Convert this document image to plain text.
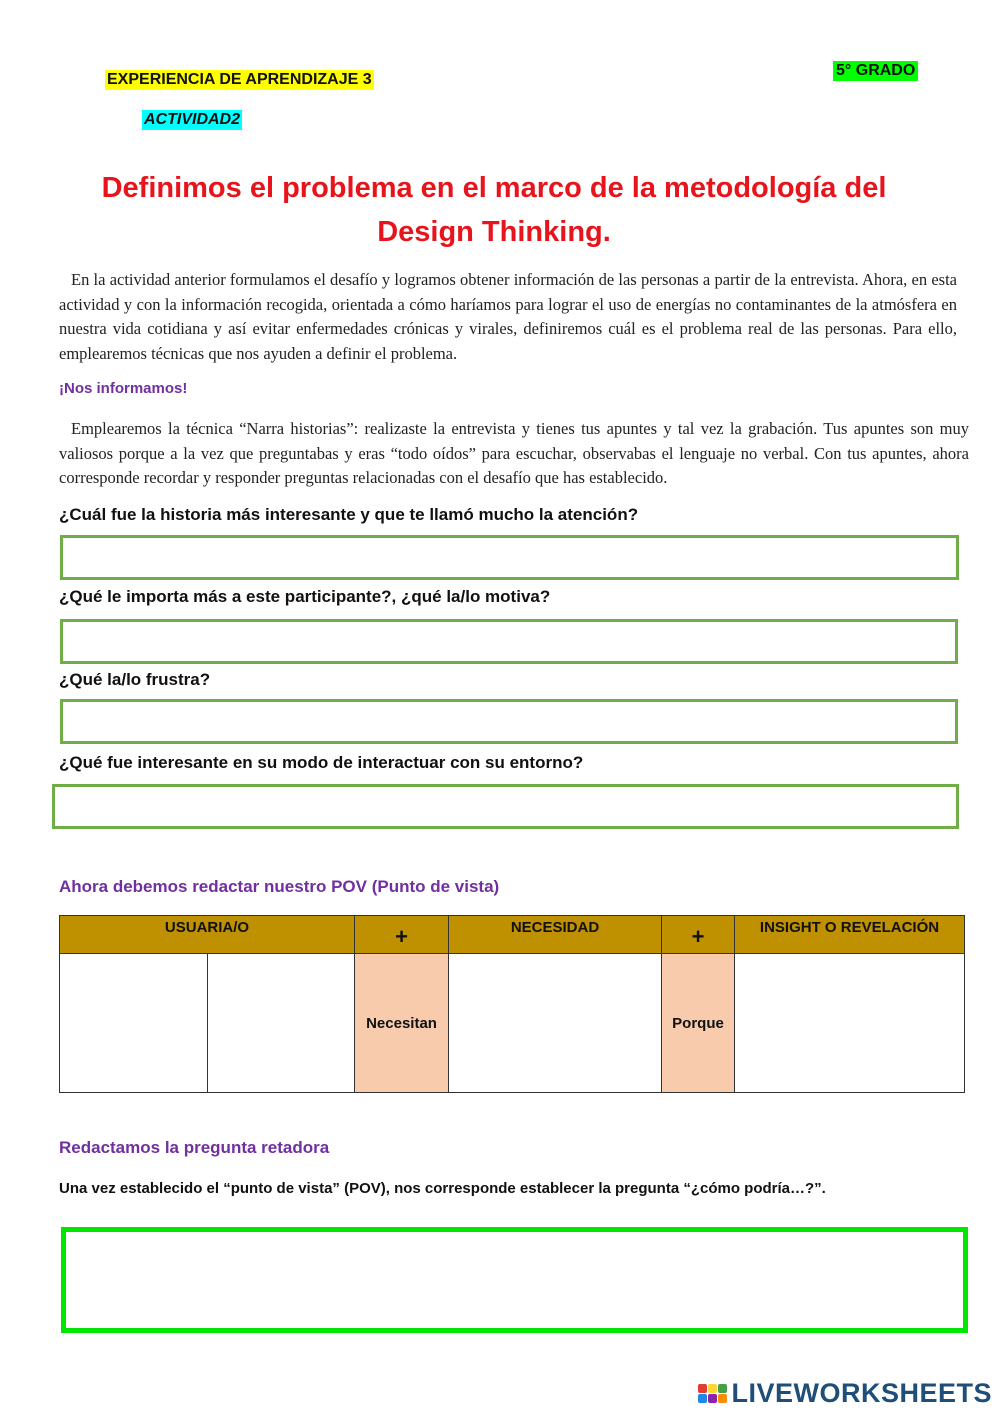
EXPERIENCIA DE APRENDIZAJE 3
ACTIVIDAD2
5° GRADO
Definimos el problema en el marco de la metodología del
Design Thinking.
En la actividad anterior formulamos el desafío y logramos obtener información de las personas a partir de la entrevista. Ahora, en esta actividad y con la información recogida, orientada a cómo haríamos para lograr el uso de energías no contaminantes de la atmósfera en nuestra vida cotidiana y así evitar enfermedades crónicas y virales, definiremos cuál es el problema real de las personas. Para ello, emplearemos técnicas que nos ayuden a definir el problema.
¡Nos informamos!
Emplearemos la técnica “Narra historias”: realizaste la entrevista y tienes tus apuntes y tal vez la grabación. Tus apuntes son muy valiosos porque a la vez que preguntabas y eras “todo oídos” para escuchar, observabas el lenguaje no verbal. Con tus apuntes, ahora corresponde recordar y responder preguntas relacionadas con el desafío que has establecido.
¿Cuál fue la historia más interesante y que te llamó mucho la atención?
¿Qué le importa más a este participante?, ¿qué la/lo motiva?
¿Qué la/lo frustra?
¿Qué fue interesante en su modo de interactuar con su entorno?
Ahora debemos redactar nuestro POV (Punto de vista)
USUARIA/O		+	NECESIDAD	+	INSIGHT O REVELACIÓN
		Necesitan		Porque	
Redactamos la pregunta retadora
Una vez establecido el “punto de vista” (POV), nos corresponde establecer la pregunta “¿cómo podría…?”.
LIVEWORKSHEETS
